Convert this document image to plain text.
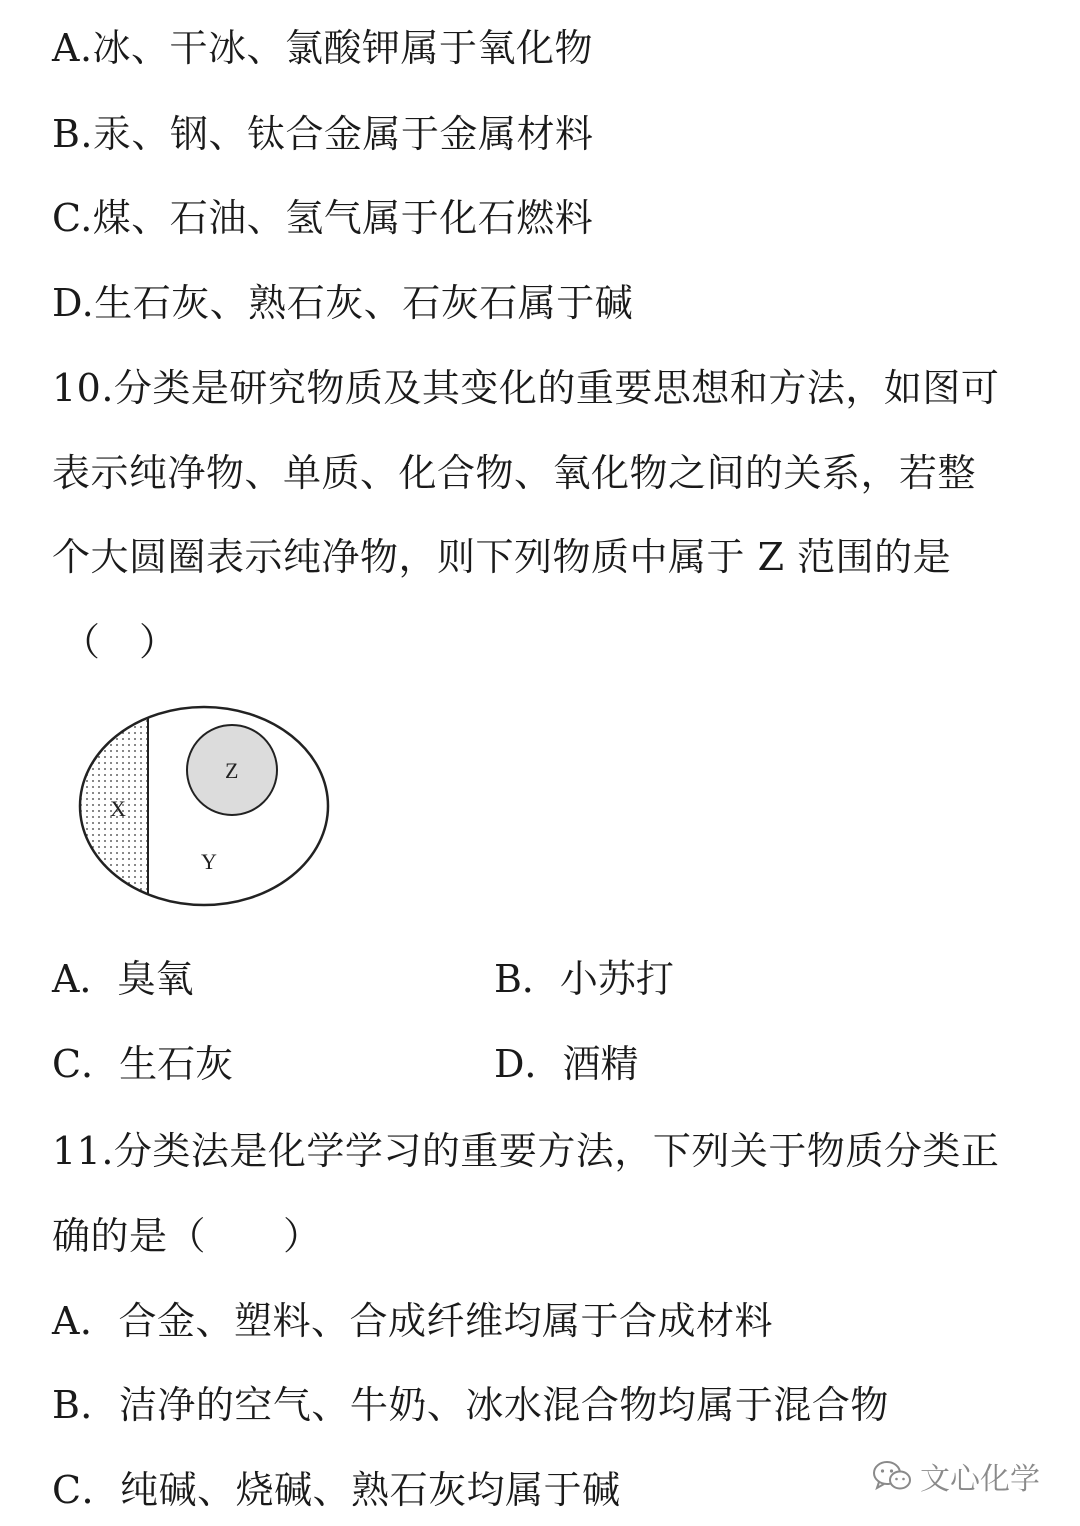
A.冰、干冰、氯酸钾属于氧化物
B.汞、钢、钛合金属于金属材料
C.煤、石油、氢气属于化石燃料
D.生石灰、熟石灰、石灰石属于碱
10.分类是研究物质及其变化的重要思想和方法，如图可
表示纯净物、单质、化合物、氧化物之间的关系，若整
个大圆圈表示纯净物，则下列物质中属于 Z 范围的是
（　）
Z
X
Y
A．臭氧	B．小苏打
C．生石灰	D．酒精
11.分类法是化学学习的重要方法，下列关于物质分类正
确的是（　　）
A．合金、塑料、合成纤维均属于合成材料
B．洁净的空气、牛奶、冰水混合物均属于混合物
C．纯碱、烧碱、熟石灰均属于碱	文心化学
